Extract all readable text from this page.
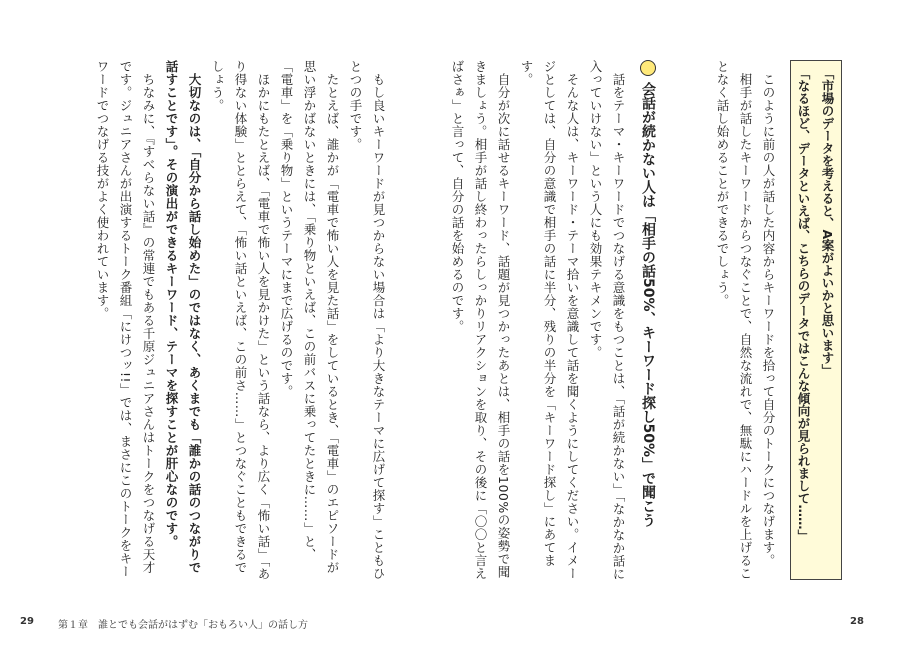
もし良いキーワードが見つからない場合は「より大きなテーマに広げて探す」こともひとつの手です。

たとえば、誰かが「電車で怖い人を見た話」をしているとき、「電車」のエピソードが思い浮かばないときには、「乗り物といえば、この前バスに乗ってたときに……」と、「電車」を「乗り物」というテーマにまで広げるのです。

ほかにもたとえば、「電車で怖い人を見かけた」という話なら、より広く「怖い話」「あり得ない体験」ととらえて、「怖い話といえば、この前さ……」とつなぐこともできるでしょう。

大切なのは、「自分から話し始めた」のではなく、あくまでも「誰かの話のつながりで話すことです」。その演出ができるキーワード、テーマを探すことが肝心なのです。

ちなみに、『すべらない話』の常連でもある千原ジュニアさんはトークをつなげる天才です。ジュニアさんが出演するトーク番組「にけつッ!!」では、まさにこのトークをキーワードでつなげる技がよく使われています。

29 第１章　誰とでも会話がはずむ「おもろい人」の話し方
「市場のデータを考えると、A案がよいかと思います」
「なるほど、データといえば、こちらのデータではこんな傾向が見られまして……」

このように前の人が話した内容からキーワードを拾って自分のトークにつなげます。

相手が話したキーワードからつなぐことで、自然な流れで、無駄にハードルを上げることなく話し始めることができるでしょう。

会話が続かない人は「相手の話50%、キーワード探し50%」で聞こう

話をテーマ・キーワードでつなげる意識をもつことは、「話が続かない」「なかなか話に入っていけない」という人にも効果テキメンです。

そんな人は、キーワード・テーマ拾いを意識して話を聞くようにしてください。イメージとしては、自分の意識で相手の話に半分、残りの半分を「キーワード探し」にあてます。

自分が次に話せるキーワード、話題が見つかったあとは、相手の話を100%の姿勢で聞きましょう。相手が話し終わったらしっかりリアクションを取り、その後に「〇〇と言えばさぁ」と言って、自分の話を始めるのです。

28
